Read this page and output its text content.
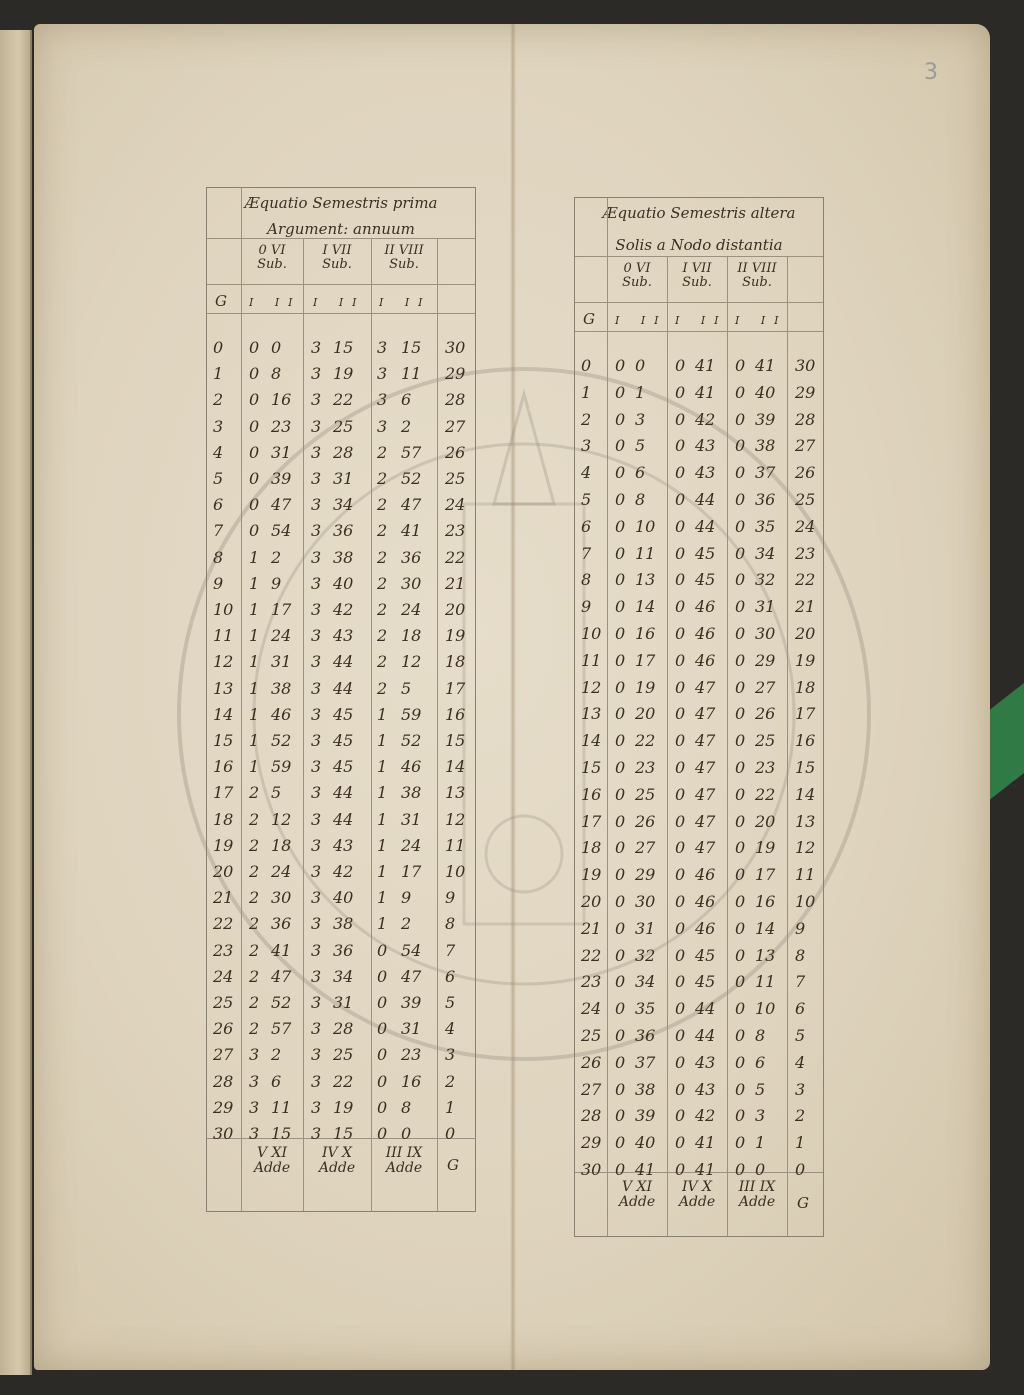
3
Æquatio Semestris prima
Argument: annuum
0 VI
Sub.
I VII
Sub.
II VIII
Sub.
G I II I II I II
0 0 0 3 15 3 15 30
1 0 8 3 19 3 11 29
2 0 16 3 22 3 6 28
3 0 23 3 25 3 2 27
4 0 31 3 28 2 57 26
5 0 39 3 31 2 52 25
6 0 47 3 34 2 47 24
7 0 54 3 36 2 41 23
8 1 2 3 38 2 36 22
9 1 9 3 40 2 30 21
10 1 17 3 42 2 24 20
11 1 24 3 43 2 18 19
12 1 31 3 44 2 12 18
13 1 38 3 44 2 5 17
14 1 46 3 45 1 59 16
15 1 52 3 45 1 52 15
16 1 59 3 45 1 46 14
17 2 5 3 44 1 38 13
18 2 12 3 44 1 31 12
19 2 18 3 43 1 24 11
20 2 24 3 42 1 17 10
21 2 30 3 40 1 9 9
22 2 36 3 38 1 2 8
23 2 41 3 36 0 54 7
24 2 47 3 34 0 47 6
25 2 52 3 31 0 39 5
26 2 57 3 28 0 31 4
27 3 2 3 25 0 23 3
28 3 6 3 22 0 16 2
29 3 11 3 19 0 8 1
30 3 15 3 15 0 0 0
V XI
Adde
IV X
Adde
III IX
Adde	G
Æquatio Semestris altera
Solis a Nodo distantia
0 VI
Sub.
I VII
Sub.
II VIII
Sub.
G I II I II I II
0 0 0 0 41 0 41 30
1 0 1 0 41 0 40 29
2 0 3 0 42 0 39 28
3 0 5 0 43 0 38 27
4 0 6 0 43 0 37 26
5 0 8 0 44 0 36 25
6 0 10 0 44 0 35 24
7 0 11 0 45 0 34 23
8 0 13 0 45 0 32 22
9 0 14 0 46 0 31 21
10 0 16 0 46 0 30 20
11 0 17 0 46 0 29 19
12 0 19 0 47 0 27 18
13 0 20 0 47 0 26 17
14 0 22 0 47 0 25 16
15 0 23 0 47 0 23 15
16 0 25 0 47 0 22 14
17 0 26 0 47 0 20 13
18 0 27 0 47 0 19 12
19 0 29 0 46 0 17 11
20 0 30 0 46 0 16 10
21 0 31 0 46 0 14 9
22 0 32 0 45 0 13 8
23 0 34 0 45 0 11 7
24 0 35 0 44 0 10 6
25 0 36 0 44 0 8 5
26 0 37 0 43 0 6 4
27 0 38 0 43 0 5 3
28 0 39 0 42 0 3 2
29 0 40 0 41 0 1 1
30 0 41 0 41 0 0 0
V XI
Adde
IV X
Adde
III IX
Adde	G
